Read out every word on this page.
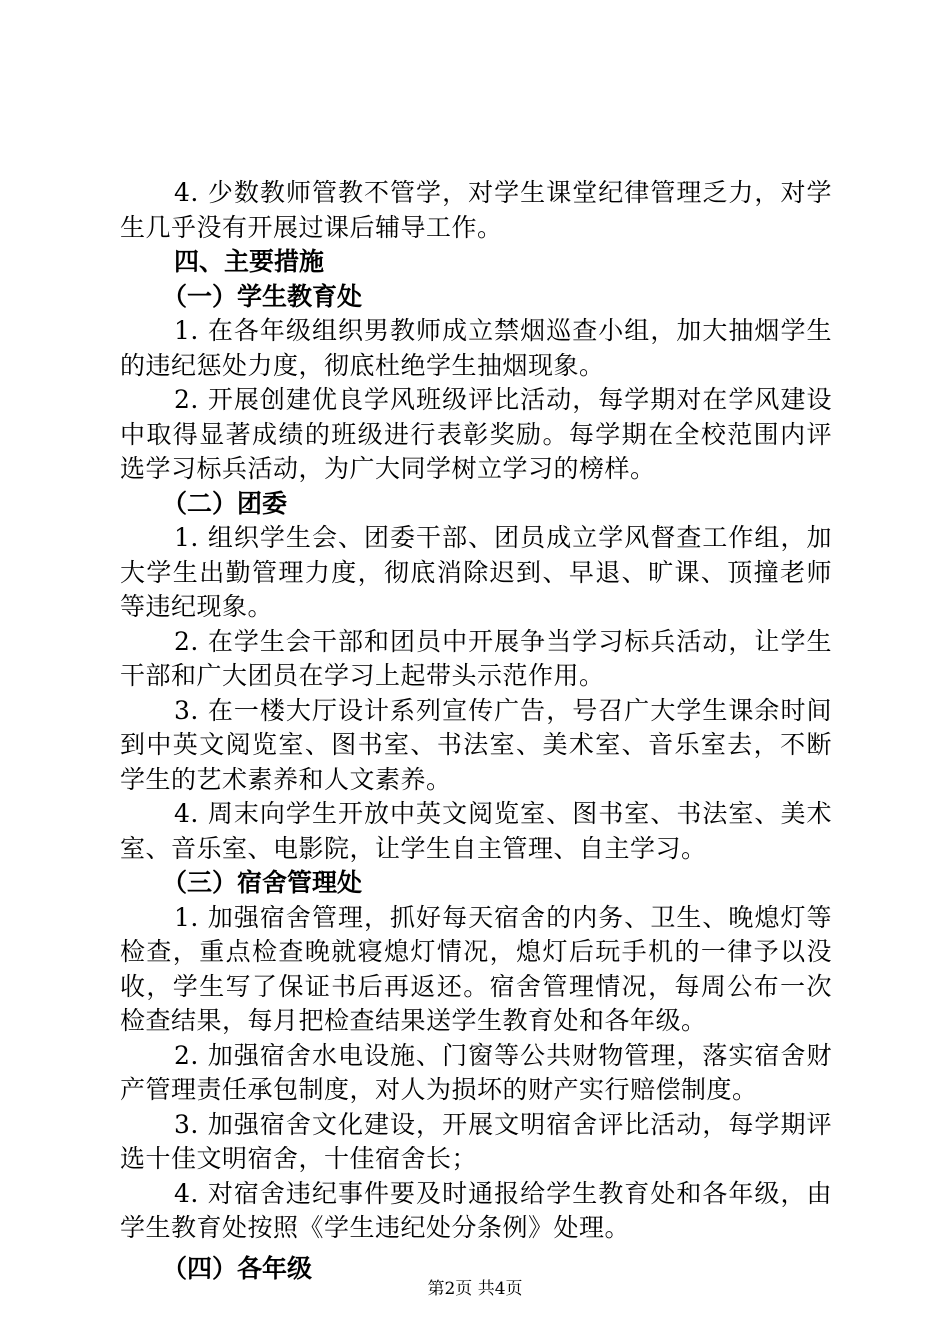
4. 少数教师管教不管学，对学生课堂纪律管理乏力，对学生几乎没有开展过课后辅导工作。

四、主要措施

（一）学生教育处

1. 在各年级组织男教师成立禁烟巡查小组，加大抽烟学生的违纪惩处力度，彻底杜绝学生抽烟现象。

2. 开展创建优良学风班级评比活动，每学期对在学风建设中取得显著成绩的班级进行表彰奖励。每学期在全校范围内评选学习标兵活动，为广大同学树立学习的榜样。

（二）团委

1. 组织学生会、团委干部、团员成立学风督查工作组，加大学生出勤管理力度，彻底消除迟到、早退、旷课、顶撞老师等违纪现象。

2. 在学生会干部和团员中开展争当学习标兵活动，让学生干部和广大团员在学习上起带头示范作用。

3. 在一楼大厅设计系列宣传广告，号召广大学生课余时间到中英文阅览室、图书室、书法室、美术室、音乐室去，不断学生的艺术素养和人文素养。

4. 周末向学生开放中英文阅览室、图书室、书法室、美术室、音乐室、电影院，让学生自主管理、自主学习。

（三）宿舍管理处

1. 加强宿舍管理，抓好每天宿舍的内务、卫生、晚熄灯等检查，重点检查晚就寝熄灯情况，熄灯后玩手机的一律予以没收，学生写了保证书后再返还。宿舍管理情况，每周公布一次检查结果，每月把检查结果送学生教育处和各年级。

2. 加强宿舍水电设施、门窗等公共财物管理，落实宿舍财产管理责任承包制度，对人为损坏的财产实行赔偿制度。

3. 加强宿舍文化建设，开展文明宿舍评比活动，每学期评选十佳文明宿舍，十佳宿舍长；

4. 对宿舍违纪事件要及时通报给学生教育处和各年级，由学生教育处按照《学生违纪处分条例》处理。

（四）各年级

第2页 共4页
